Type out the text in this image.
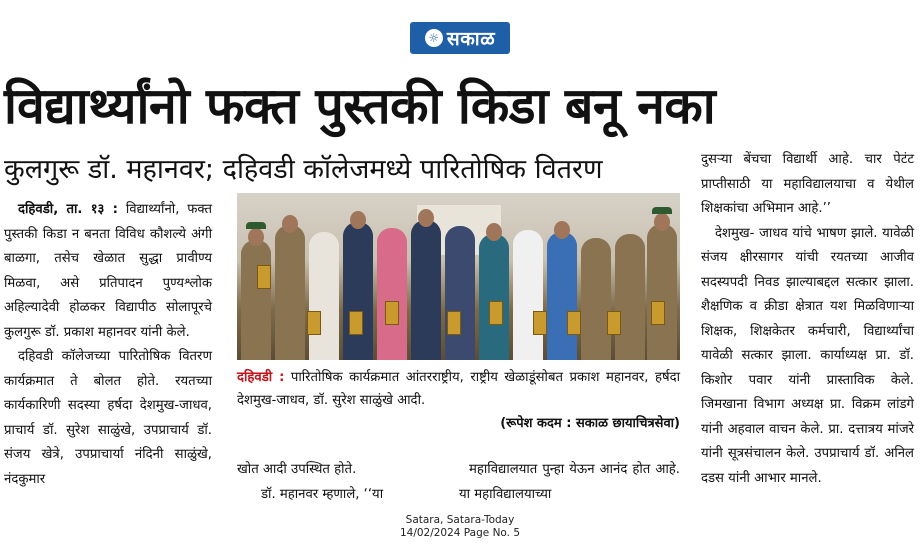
☼ सकाळ
विद्यार्थ्यांनो फक्त पुस्तकी किडा बनू नका
कुलगुरू डॉ. महानवर; दहिवडी कॉलेजमध्ये पारितोषिक वितरण

दहिवडी, ता. १३ : विद्यार्थ्यांनो, फक्त पुस्तकी किडा न बनता विविध कौशल्ये अंगी बाळगा, तसेच खेळात सुद्धा प्रावीण्य मिळवा, असे प्रतिपादन पुण्यश्लोक अहिल्यादेवी होळकर विद्यापीठ सोलापूरचे कुलगुरू डॉ. प्रकाश महानवर यांनी केले.

दहिवडी कॉलेजच्या पारितोषिक वितरण कार्यक्रमात ते बोलत होते. रयतच्या कार्यकारिणी सदस्या हर्षदा देशमुख-जाधव, प्राचार्य डॉ. सुरेश साळुंखे, उपप्राचार्य डॉ. संजय खेत्रे, उपप्राचार्या नंदिनी साळुंखे, नंदकुमार

दहिवडी : पारितोषिक कार्यक्रमात आंतरराष्ट्रीय, राष्ट्रीय खेळाडूंसोबत प्रकाश महानवर, हर्षदा देशमुख-जाधव, डॉ. सुरेश साळुंखे आदी.
(रूपेश कदम : सकाळ छायाचित्रसेवा)

खोत आदी उपस्थित होते.

डॉ. महानवर म्हणाले, ‘‘या

महाविद्यालयात पुन्हा येऊन आनंद होत आहे. या महाविद्यालयाच्या

दुसऱ्या बेंचचा विद्यार्थी आहे. चार पेटंट प्राप्तीसाठी या महाविद्यालयाचा व येथील शिक्षकांचा अभिमान आहे.’’

देशमुख- जाधव यांचे भाषण झाले. यावेळी संजय क्षीरसागर यांची रयतच्या आजीव सदस्यपदी निवड झाल्याबद्दल सत्कार झाला. शैक्षणिक व क्रीडा क्षेत्रात यश मिळविणाऱ्या शिक्षक, शिक्षकेतर कर्मचारी, विद्यार्थ्यांचा यावेळी सत्कार झाला. कार्याध्यक्ष प्रा. डॉ. किशोर पवार यांनी प्रास्ताविक केले. जिमखाना विभाग अध्यक्ष प्रा. विक्रम लांडगे यांनी अहवाल वाचन केले. प्रा. दत्तात्रय मांजरे यांनी सूत्रसंचालन केले. उपप्राचार्य डॉ. अनिल दडस यांनी आभार मानले.

Satara, Satara-Today
14/02/2024 Page No. 5
